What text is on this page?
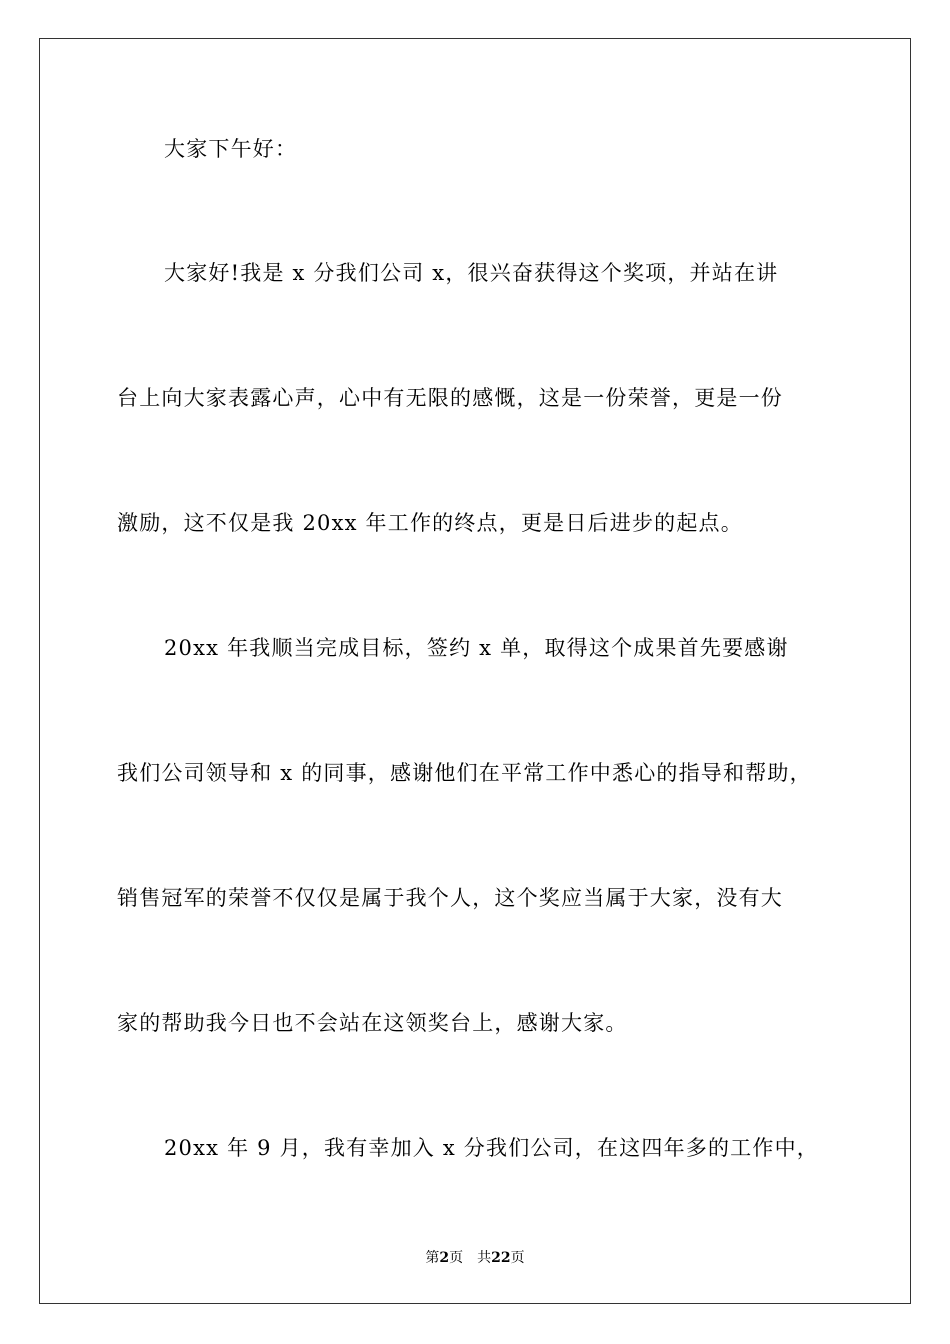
大家下午好：
大家好!我是 x 分我们公司 x，很兴奋获得这个奖项，并站在讲
台上向大家表露心声，心中有无限的感慨，这是一份荣誉，更是一份
激励，这不仅是我 20xx 年工作的终点，更是日后进步的起点。
20xx 年我顺当完成目标，签约 x 单，取得这个成果首先要感谢
我们公司领导和 x 的同事，感谢他们在平常工作中悉心的指导和帮助，
销售冠军的荣誉不仅仅是属于我个人，这个奖应当属于大家，没有大
家的帮助我今日也不会站在这领奖台上，感谢大家。
20xx 年 9 月，我有幸加入 x 分我们公司，在这四年多的工作中，
第2页 共22页
